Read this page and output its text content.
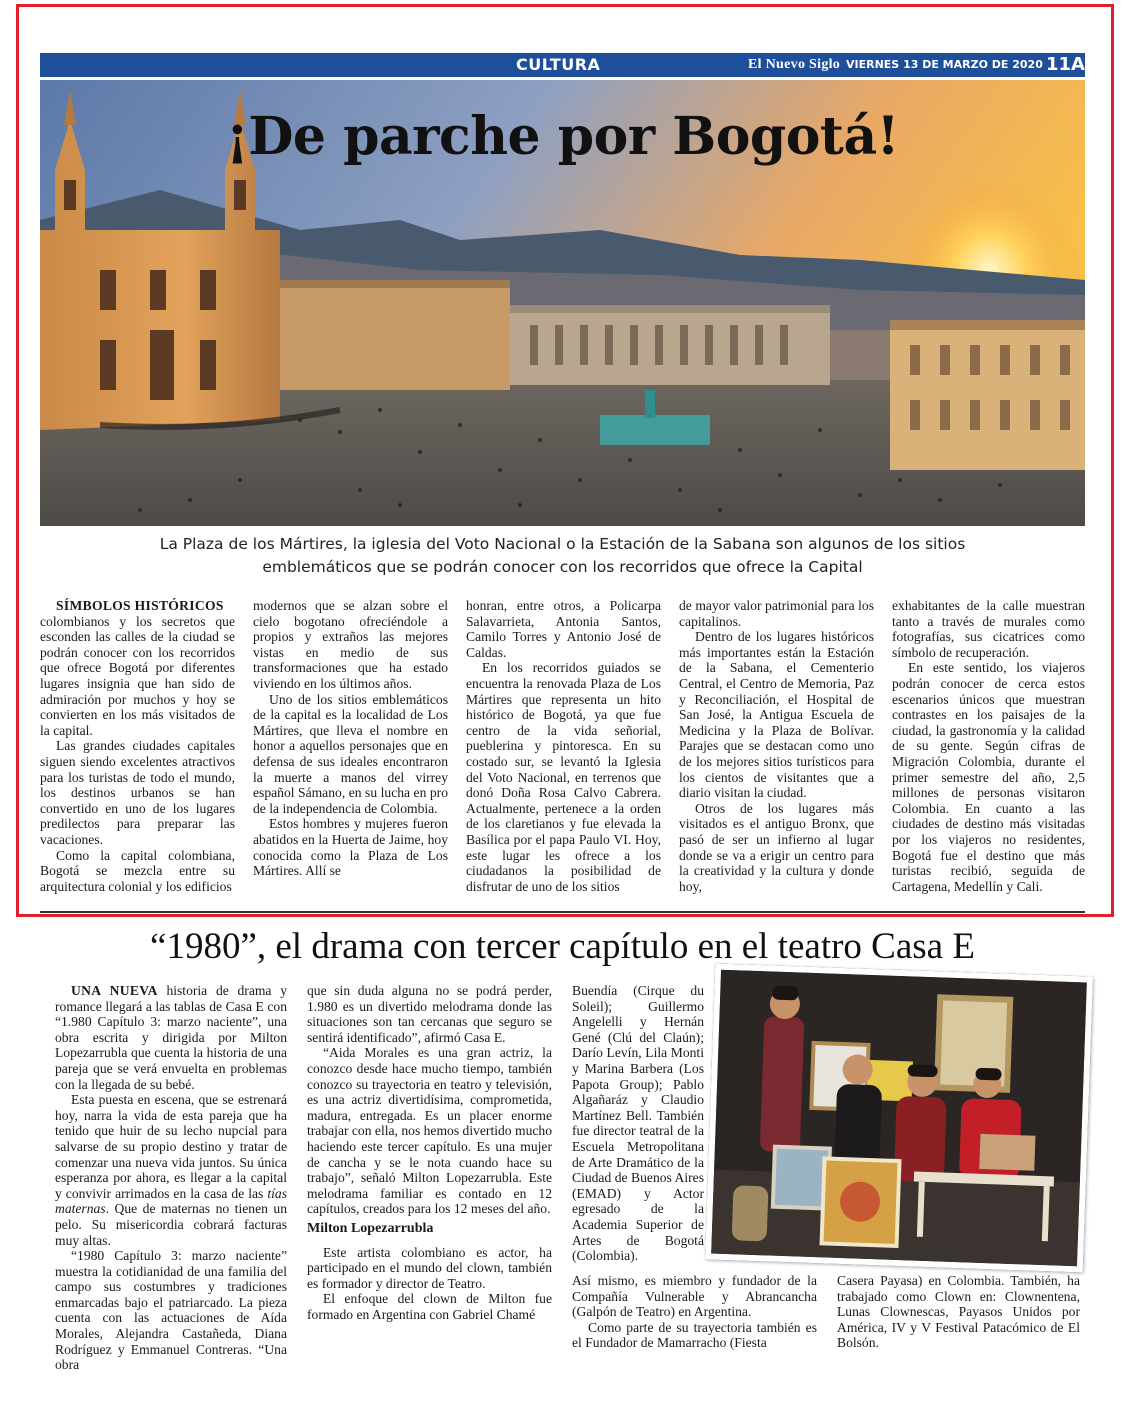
CULTURA	El Nuevo Siglo VIERNES 13 DE MARZO DE 2020 11A
¡De parche por Bogotá!
La Plaza de los Mártires, la iglesia del Voto Nacional o la Estación de la Sabana son algunos de los sitios
emblemáticos que se podrán conocer con los recorridos que ofrece la Capital

SÍMBOLOS HISTÓRICOS

colombianos y los secretos que esconden las calles de la ciudad se podrán conocer con los recorridos que ofrece Bogotá por diferentes lugares insignia que han sido de admiración por muchos y hoy se convierten en los más visitados de la capital.

Las grandes ciudades capitales siguen siendo excelentes atractivos para los turistas de todo el mundo, los destinos urbanos se han convertido en uno de los lugares predilectos para preparar las vacaciones.

Como la capital colombiana, Bogotá se mezcla entre su arquitectura colonial y los edificios

modernos que se alzan sobre el cielo bogotano ofreciéndole a propios y extraños las mejores vistas en medio de sus transformaciones que ha estado viviendo en los últimos años.

Uno de los sitios emblemáticos de la capital es la localidad de Los Mártires, que lleva el nombre en honor a aquellos personajes que en defensa de sus ideales encontraron la muerte a manos del virrey español Sámano, en su lucha en pro de la independencia de Colombia.

Estos hombres y mujeres fueron abatidos en la Huerta de Jaime, hoy conocida como la Plaza de Los Mártires. Allí se

honran, entre otros, a Policarpa Salavarrieta, Antonia Santos, Camilo Torres y Antonio José de Caldas.

En los recorridos guiados se encuentra la renovada Plaza de Los Mártires que representa un hito histórico de Bogotá, ya que fue centro de la vida señorial, pueblerina y pintoresca. En su costado sur, se levantó la Iglesia del Voto Nacional, en terrenos que donó Doña Rosa Calvo Cabrera. Actualmente, pertenece a la orden de los claretianos y fue elevada la Basílica por el papa Paulo VI. Hoy, este lugar les ofrece a los ciudadanos la posibilidad de disfrutar de uno de los sitios

de mayor valor patrimonial para los capitalinos.

Dentro de los lugares históricos más importantes están la Estación de la Sabana, el Cementerio Central, el Centro de Memoria, Paz y Reconciliación, el Hospital de San José, la Antigua Escuela de Medicina y la Plaza de Bolívar. Parajes que se destacan como uno de los mejores sitios turísticos para los cientos de visitantes que a diario visitan la ciudad.

Otros de los lugares más visitados es el antiguo Bronx, que pasó de ser un infierno al lugar donde se va a erigir un centro para la creatividad y la cultura y donde hoy,

exhabitantes de la calle muestran tanto a través de murales como fotografías, sus cicatrices como símbolo de recuperación.

En este sentido, los viajeros podrán conocer de cerca estos escenarios únicos que muestran contrastes en los paisajes de la ciudad, la gastronomía y la calidad de su gente. Según cifras de Migración Colombia, durante el primer semestre del año, 2,5 millones de personas visitaron Colombia. En cuanto a las ciudades de destino más visitadas por los viajeros no residentes, Bogotá fue el destino que más turistas recibió, seguida de Cartagena, Medellín y Cali.

“1980”, el drama con tercer capítulo en el teatro Casa E

UNA NUEVA historia de drama y romance llegará a las tablas de Casa E con “1.980 Capítulo 3: marzo naciente”, una obra escrita y dirigida por Milton Lopezarrubla que cuenta la historia de una pareja que se verá envuelta en problemas con la llegada de su bebé.

Esta puesta en escena, que se estrenará hoy, narra la vida de esta pareja que ha tenido que huir de su lecho nupcial para salvarse de su propio destino y tratar de comenzar una nueva vida juntos. Su única esperanza por ahora, es llegar a la capital y convivir arrimados en la casa de las tías maternas. Que de maternas no tienen un pelo. Su misericordia cobrará facturas muy altas.

“1980 Capítulo 3: marzo naciente” muestra la cotidianidad de una familia del campo sus costumbres y tradiciones enmarcadas bajo el patriarcado. La pieza cuenta con las actuaciones de Aída Morales, Alejandra Castañeda, Diana Rodríguez y Emmanuel Contreras. “Una obra

que sin duda alguna no se podrá perder, 1.980 es un divertido melodrama donde las situaciones son tan cercanas que seguro se sentirá identificado”, afirmó Casa E.

“Aida Morales es una gran actriz, la conozco desde hace mucho tiempo, también conozco su trayectoria en teatro y televisión, es una actriz divertidísima, comprometida, madura, entregada. Es un placer enorme trabajar con ella, nos hemos divertido mucho haciendo este tercer capítulo. Es una mujer de cancha y se le nota cuando hace su trabajo”, señaló Milton Lopezarrubla. Este melodrama familiar es contado en 12 capítulos, creados para los 12 meses del año.

Milton Lopezarrubla

Este artista colombiano es actor, ha participado en el mundo del clown, también es formador y director de Teatro.

El enfoque del clown de Milton fue formado en Argentina con Gabriel Chamé

Buendía (Cirque du Soleil); Guillermo Angelelli y Hernán Gené (Clú del Claún); Darío Levín, Lila Monti y Marina Barbera (Los Papota Group); Pablo Algañaráz y Claudio Martínez Bell. También fue director teatral de la Escuela Metropolitana de Arte Dramático de la Ciudad de Buenos Aires (EMAD) y Actor egresado de la Academia Superior de Artes de Bogotá (Colombia).

Así mismo, es miembro y fundador de la Compañía Vulnerable y Abrancancha (Galpón de Teatro) en Argentina.

Como parte de su trayectoria también es el Fundador de Mamarracho (Fiesta

Casera Payasa) en Colombia. También, ha trabajado como Clown en: Clownentena, Lunas Clownescas, Payasos Unidos por América, IV y V Festival Patacómico de El Bolsón.
